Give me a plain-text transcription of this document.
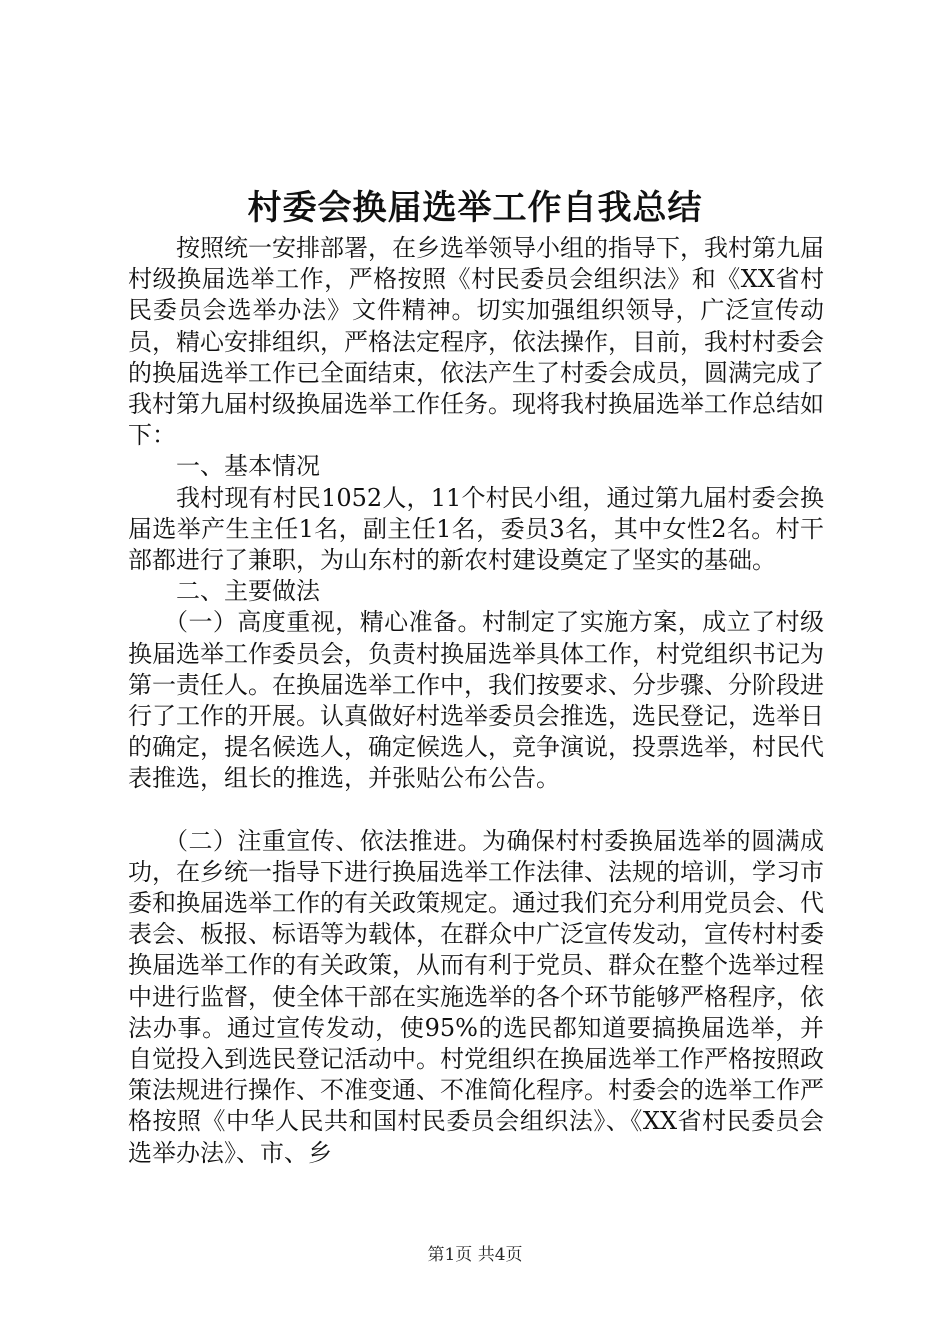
村委会换届选举工作自我总结

按照统一安排部署，在乡选举领导小组的指导下，我村第九届村级换届选举工作，严格按照《村民委员会组织法》和《XX省村民委员会选举办法》文件精神。切实加强组织领导，广泛宣传动员，精心安排组织，严格法定程序，依法操作，目前，我村村委会的换届选举工作已全面结束，依法产生了村委会成员，圆满完成了我村第九届村级换届选举工作任务。现将我村换届选举工作总结如下：

一、基本情况

我村现有村民1052人，11个村民小组，通过第九届村委会换届选举产生主任1名，副主任1名，委员3名，其中女性2名。村干部都进行了兼职，为山东村的新农村建设奠定了坚实的基础。

二、主要做法

（一）高度重视，精心准备。村制定了实施方案，成立了村级换届选举工作委员会，负责村换届选举具体工作，村党组织书记为第一责任人。在换届选举工作中，我们按要求、分步骤、分阶段进行了工作的开展。认真做好村选举委员会推选，选民登记，选举日的确定，提名候选人，确定候选人，竞争演说，投票选举，村民代表推选，组长的推选，并张贴公布公告。

（二）注重宣传、依法推进。为确保村村委换届选举的圆满成功，在乡统一指导下进行换届选举工作法律、法规的培训，学习市委和换届选举工作的有关政策规定。通过我们充分利用党员会、代表会、板报、标语等为载体，在群众中广泛宣传发动，宣传村村委换届选举工作的有关政策，从而有利于党员、群众在整个选举过程中进行监督，使全体干部在实施选举的各个环节能够严格程序，依法办事。通过宣传发动，使95%的选民都知道要搞换届选举，并自觉投入到选民登记活动中。村党组织在换届选举工作严格按照政策法规进行操作、不准变通、不准简化程序。村委会的选举工作严格按照《中华人民共和国村民委员会组织法》、《XX省村民委员会选举办法》、市、乡

第1页 共4页
